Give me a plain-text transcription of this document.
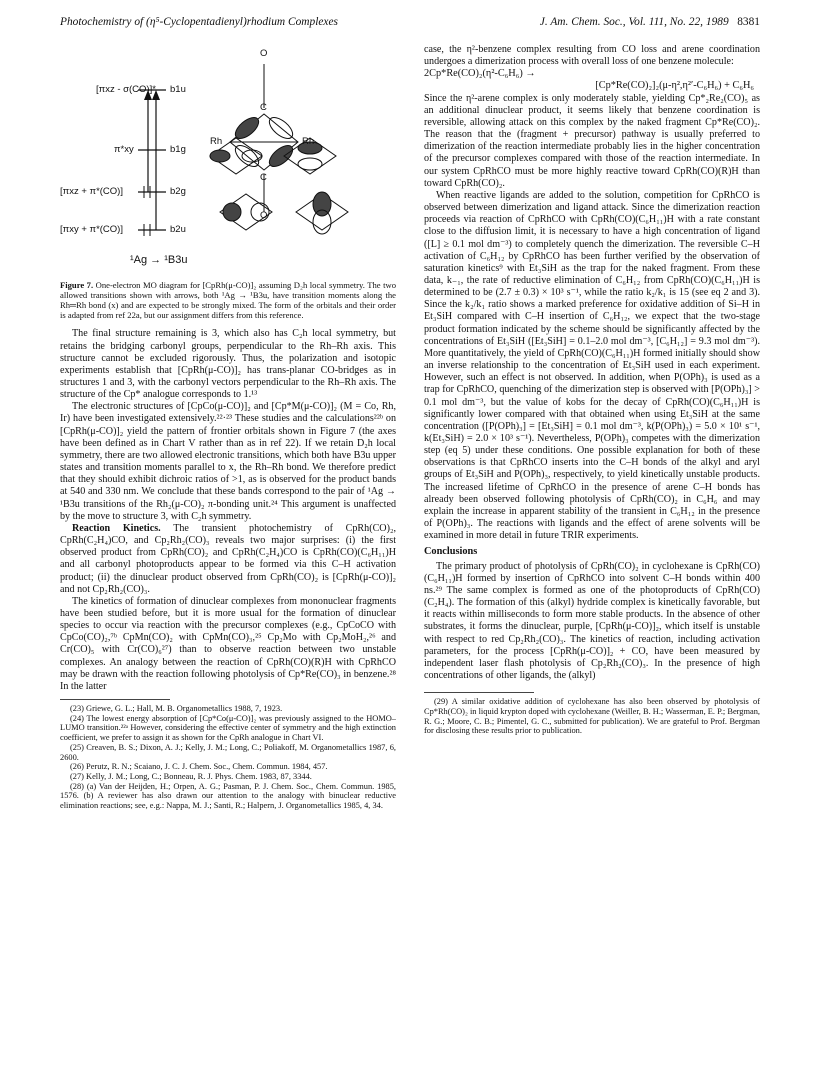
Photochemistry of (η⁵-Cyclopentadienyl)rhodium Complexes	J. Am. Chem. Soc., Vol. 111, No. 22, 1989 8381
[πxz - σ(CO)]* b1u
π*xy	b1g
[πxz + π*(CO)]	b2g
[πxy + π*(CO)]	b2u
¹Ag → ¹B3u
Rh	Rh
O
C
C
O
Figure 7. One-electron MO diagram for [CpRh(μ-CO)]₂ assuming D₂h local symmetry. The two allowed transitions shown with arrows, both ¹Ag → ¹B3u, have transition moments along the Rh═Rh bond (x) and are expected to be strongly mixed. The form of the orbitals and their order is adapted from ref 22a, but our assignment differs from this reference.

The final structure remaining is 3, which also has C₂h local symmetry, but retains the bridging carbonyl groups, perpendicular to the Rh–Rh axis. This structure cannot be excluded rigorously. Thus, the polarization and isotopic experiments establish that [CpRh(μ-CO)]₂ has trans-planar CO-bridges as in structures 1 and 3, with the carbonyl vectors perpendicular to the Rh–Rh axis. The structure of the Cp* analogue corresponds to 1.¹³

The electronic structures of [CpCo(μ-CO)]₂ and [Cp*M(μ-CO)]₂ (M = Co, Rh, Ir) have been investigated extensively.²²·²³ These studies and the calculations²²ᵇ on [CpRh(μ-CO)]₂ yield the pattern of frontier orbitals shown in Figure 7 (the axes have been defined as in Chart V rather than as in ref 22). If we retain D₂h local symmetry, there are two allowed electronic transitions, which both have B3u upper states and transition moments parallel to x, the Rh–Rh bond. We therefore predict that they should exhibit dichroic ratios of >1, as is observed for the product bands at 540 and 330 nm. We conclude that these bands correspond to the pair of ¹Ag → ¹B3u transitions of the Rh₂(μ-CO)₂ π-bonding unit.²⁴ This argument is unaffected by the move to structure 3, with C₂h symmetry.

Reaction Kinetics. The transient photochemistry of CpRh(CO)₂, CpRh(C₂H₄)CO, and Cp₂Rh₂(CO)₃ reveals two major surprises: (i) the first observed product from CpRh(CO)₂ and CpRh(C₂H₄)CO is CpRh(CO)(C₆H₁₁)H and all carbonyl photoproducts appear to be formed via this C–H activation product; (ii) the dinuclear product observed from CpRh(CO)₂ is [CpRh(μ-CO)]₂ and not Cp₂Rh₂(CO)₃.

The kinetics of formation of dinuclear complexes from mononuclear fragments have been studied before, but it is more usual for the formation of dinuclear species to occur via reaction with the precursor complexes (e.g., CpCoCO with CpCo(CO)₂,⁷ᵇ CpMn(CO)₂ with CpMn(CO)₃,²⁵ Cp₂Mo with Cp₂MoH₂,²⁶ and Cr(CO)₅ with Cr(CO)₆²⁷) than to observe reaction between two unstable complexes. An analogy between the reaction of CpRh(CO)(R)H with CpRhCO may be drawn with the reaction following photolysis of Cp*Re(CO)₃ in benzene.²⁸ In the latter

(23) Griewe, G. L.; Hall, M. B. Organometallics 1988, 7, 1923.
(24) The lowest energy absorption of [Cp*Co(μ-CO)]₂ was previously assigned to the HOMO–LUMO transition.²²ᵃ However, considering the effective center of symmetry and the high extinction coefficient, we prefer to assign it as shown for the CpRh analogue in Chart VI.
(25) Creaven, B. S.; Dixon, A. J.; Kelly, J. M.; Long, C.; Poliakoff, M. Organometallics 1987, 6, 2600.
(26) Perutz, R. N.; Scaiano, J. C. J. Chem. Soc., Chem. Commun. 1984, 457.
(27) Kelly, J. M.; Long, C.; Bonneau, R. J. Phys. Chem. 1983, 87, 3344.
(28) (a) Van der Heijden, H.; Orpen, A. G.; Pasman, P. J. Chem. Soc., Chem. Commun. 1985, 1576. (b) A reviewer has also drawn our attention to the analogy with binuclear reductive elimination reactions; see, e.g.: Nappa, M. J.; Santi, R.; Halpern, J. Organometallics 1985, 4, 34.

case, the η²-benzene complex resulting from CO loss and arene coordination undergoes a dimerization process with overall loss of one benzene molecule:

2Cp*Re(CO)₂(η²-C₆H₆) →

[Cp*Re(CO)₂]₂(μ-η²,η²′-C₆H₆) + C₆H₆

Since the η²-arene complex is only moderately stable, yielding Cp*₂Re₂(CO)₅ as an additional dinuclear product, it seems likely that benzene coordination is reversible, allowing attack on this complex by the naked fragment Cp*Re(CO)₂. The reason that the (fragment + precursor) pathway is usually preferred to dimerization of the reaction intermediate probably lies in the higher concentration of the precursor complexes compared with those of the reaction intermediate. In our system CpRhCO must be more highly reactive toward CpRh(CO)(R)H than toward CpRh(CO)₂.

When reactive ligands are added to the solution, competition for CpRhCO is observed between dimerization and ligand attack. Since the dimerization reaction proceeds via reaction of CpRhCO with CpRh(CO)(C₆H₁₁)H with a rate constant close to the diffusion limit, it is necessary to have a high concentration of ligand ([L] ≥ 0.1 mol dm⁻³) to completely quench the dimerization. The reversible C–H activation of C₆H₁₂ by CpRhCO has been further verified by the observation of saturation kinetics⁹ with Et₃SiH as the trap for the naked fragment. From these data, k₋₁, the rate of reductive elimination of C₆H₁₂ from CpRh(CO)(C₆H₁₁)H is determined to be (2.7 ± 0.3) × 10³ s⁻¹, while the ratio k₂/k₁ is 15 (see eq 2 and 3). Since the k₂/k₁ ratio shows a marked preference for oxidative addition of Si–H in Et₃SiH compared with C–H insertion of C₆H₁₂, we expect that the two-stage product formation indicated by the scheme should be significantly affected by the concentrations of Et₃SiH ([Et₃SiH] = 0.1–2.0 mol dm⁻³, [C₆H₁₂] = 9.3 mol dm⁻³). More quantitatively, the yield of CpRh(CO)(C₆H₁₁)H formed initially should show an inverse relationship to the concentration of Et₃SiH used in each experiment. However, such an effect is not observed. In addition, when P(OPh)₃ is used as a trap for CpRhCO, quenching of the dimerization step is observed with [P(OPh)₃] > 0.1 mol dm⁻³, but the value of kobs for the decay of CpRh(CO)(C₆H₁₁)H is significantly lower compared with that obtained when using Et₃SiH at the same concentration ([P(OPh)₃] = [Et₃SiH] = 0.1 mol dm⁻³, k(P(OPh)₃) = 5.0 × 10¹ s⁻¹, k(Et₃SiH) = 2.0 × 10³ s⁻¹). Nevertheless, P(OPh)₃ competes with the dimerization step (eq 5) under these conditions. One possible explanation for both of these observations is that CpRhCO inserts into the C–H bonds of the alkyl and aryl groups of Et₃SiH and P(OPh)₃, respectively, to yield kinetically unstable products. The increased lifetime of CpRhCO in the presence of arene C–H bonds has already been observed following photolysis of CpRh(CO)₂ in C₆H₆ and may explain the increase in apparent stability of the transient in C₆H₁₂ in the presence of P(OPh)₃. The reactions with ligands and the effect of arene solvents will be examined in more detail in future TRIR experiments.

Conclusions

The primary product of photolysis of CpRh(CO)₂ in cyclohexane is CpRh(CO)(C₆H₁₁)H formed by insertion of CpRhCO into solvent C–H bonds within 400 ns.²⁹ The same complex is formed as one of the photoproducts of CpRh(CO)(C₂H₄). The formation of this (alkyl) hydride complex is kinetically favorable, but it reacts within milliseconds to form more stable products. In the absence of other substrates, it forms the dinuclear, purple, [CpRh(μ-CO)]₂, which itself is unstable with respect to red Cp₂Rh₂(CO)₃. The kinetics of reaction, including activation parameters, for the process [CpRh(μ-CO)]₂ + CO, have been measured by independent laser flash photolysis of Cp₂Rh₂(CO)₃. In the presence of high concentrations of other ligands, the (alkyl)

(29) A similar oxidative addition of cyclohexane has also been observed by photolysis of Cp*Rh(CO)₂ in liquid krypton doped with cyclohexane (Weiller, B. H.; Wasserman, E. P.; Bergman, R. G.; Moore, C. B.; Pimentel, G. C., submitted for publication). We are grateful to Prof. Bergman for disclosing these results prior to publication.
